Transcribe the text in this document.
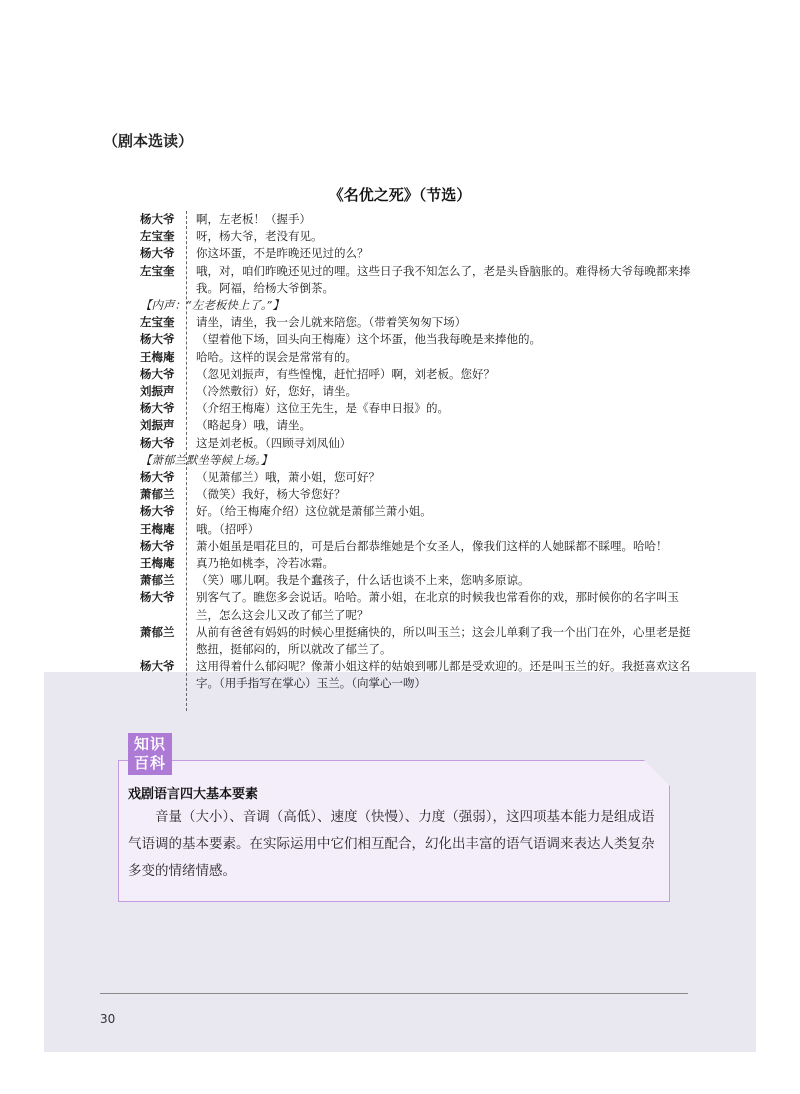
（剧本选读）
《名优之死》（节选）
杨大爷	啊，左老板！（握手）
左宝奎	呀，杨大爷，老没有见。
杨大爷	你这坏蛋，不是昨晚还见过的么？
左宝奎	哦，对，咱们昨晚还见过的哩。这些日子我不知怎么了，老是头昏脑胀的。难得杨大爷每晚都来捧我。阿福，给杨大爷倒茶。
【内声：“左老板快上了。”】
左宝奎	请坐，请坐，我一会儿就来陪您。（带着笑匆匆下场）
杨大爷	（望着他下场，回头向王梅庵）这个坏蛋，他当我每晚是来捧他的。
王梅庵	哈哈。这样的误会是常常有的。
杨大爷	（忽见刘振声，有些惶愧，赶忙招呼）啊，刘老板。您好？
刘振声	（冷然敷衍）好，您好，请坐。
杨大爷	（介绍王梅庵）这位王先生，是《春申日报》的。
刘振声	（略起身）哦，请坐。
杨大爷	这是刘老板。（四顾寻刘凤仙）
【萧郁兰默坐等候上场。】
杨大爷	（见萧郁兰）哦，萧小姐，您可好？
萧郁兰	（微笑）我好，杨大爷您好？
杨大爷	好。（给王梅庵介绍）这位就是萧郁兰萧小姐。
王梅庵	哦。（招呼）
杨大爷	萧小姐虽是唱花旦的，可是后台都恭维她是个女圣人，像我们这样的人她睬都不睬哩。哈哈！
王梅庵	真乃艳如桃李，冷若冰霜。
萧郁兰	（笑）哪儿啊。我是个蠢孩子，什么话也谈不上来，您呐多原谅。
杨大爷	别客气了。瞧您多会说话。哈哈。萧小姐，在北京的时候我也常看你的戏，那时候你的名字叫玉兰，怎么这会儿又改了郁兰了呢？
萧郁兰	从前有爸爸有妈妈的时候心里挺痛快的，所以叫玉兰；这会儿单剩了我一个出门在外，心里老是挺憋扭，挺郁闷的，所以就改了郁兰了。
杨大爷	这用得着什么郁闷呢？像萧小姐这样的姑娘到哪儿都是受欢迎的。还是叫玉兰的好。我挺喜欢这名字。（用手指写在掌心）玉兰。（向掌心一吻）
知识
百科
戏剧语言四大基本要素
音量（大小）、音调（高低）、速度（快慢）、力度（强弱），这四项基本能力是组成语气语调的基本要素。在实际运用中它们相互配合，幻化出丰富的语气语调来表达人类复杂多变的情绪情感。
30
